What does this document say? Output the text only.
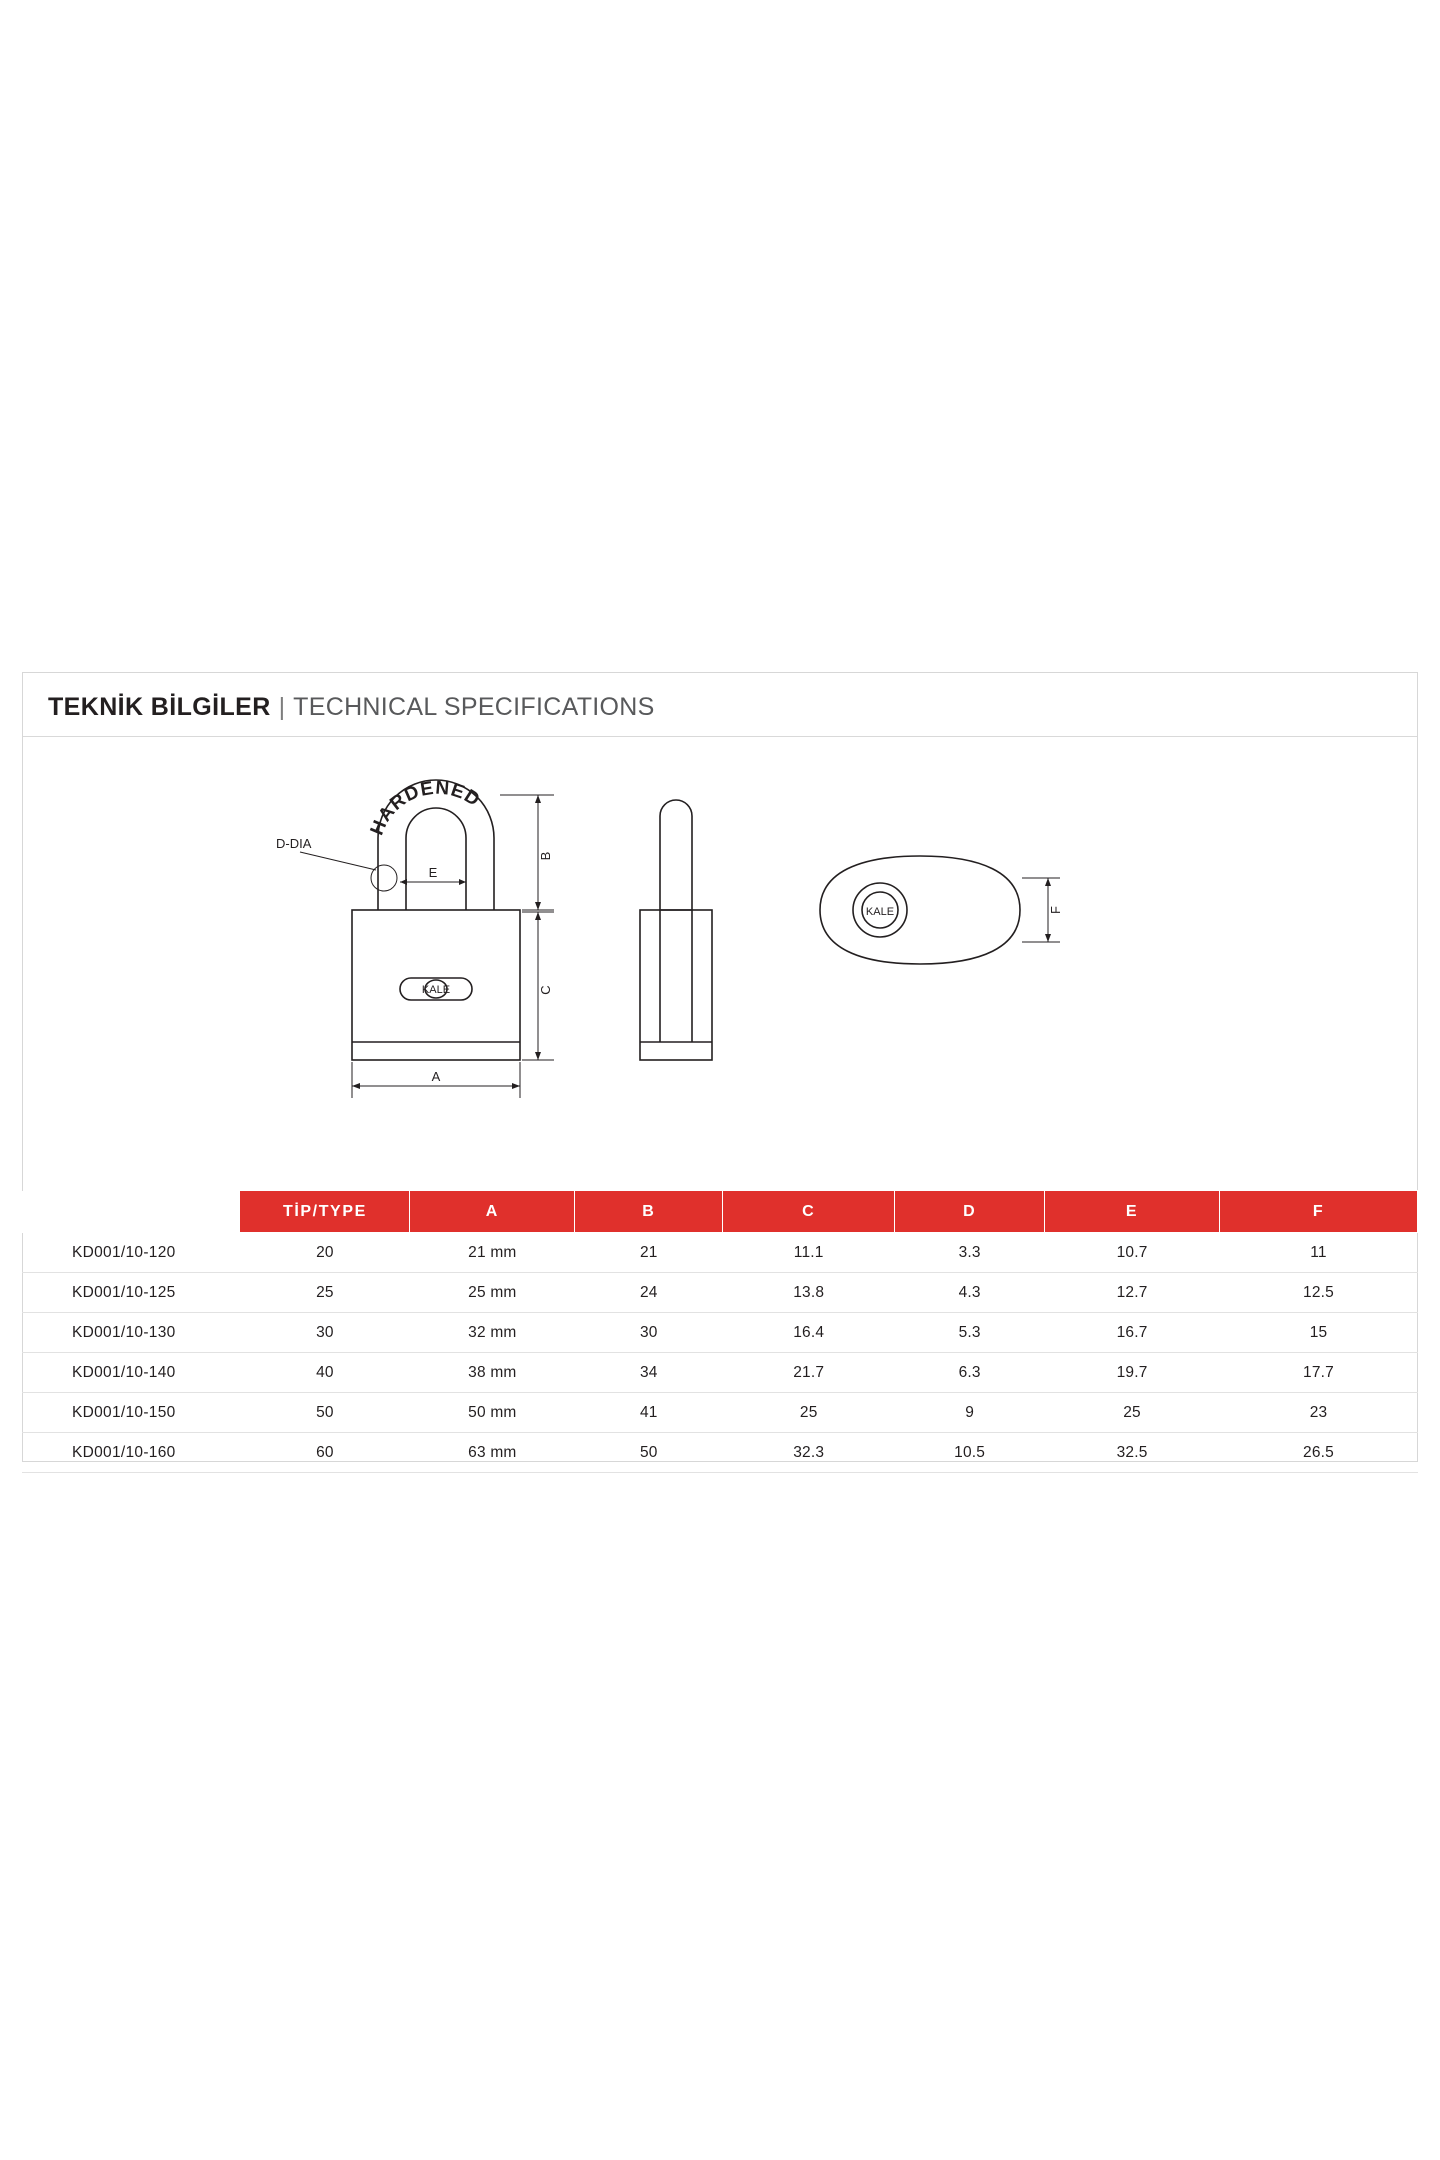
TEKNİK BİLGİLER | TECHNICAL SPECIFICATIONS
KALE
HARDENED
D-DIA
E
B
C
A
KALE	F
	TİP/TYPE	A	B	C	D	E	F
KD001/10-120	20	21 mm	21	11.1	3.3	10.7	11
KD001/10-125	25	25 mm	24	13.8	4.3	12.7	12.5
KD001/10-130	30	32 mm	30	16.4	5.3	16.7	15
KD001/10-140	40	38 mm	34	21.7	6.3	19.7	17.7
KD001/10-150	50	50 mm	41	25	9	25	23
KD001/10-160	60	63 mm	50	32.3	10.5	32.5	26.5
